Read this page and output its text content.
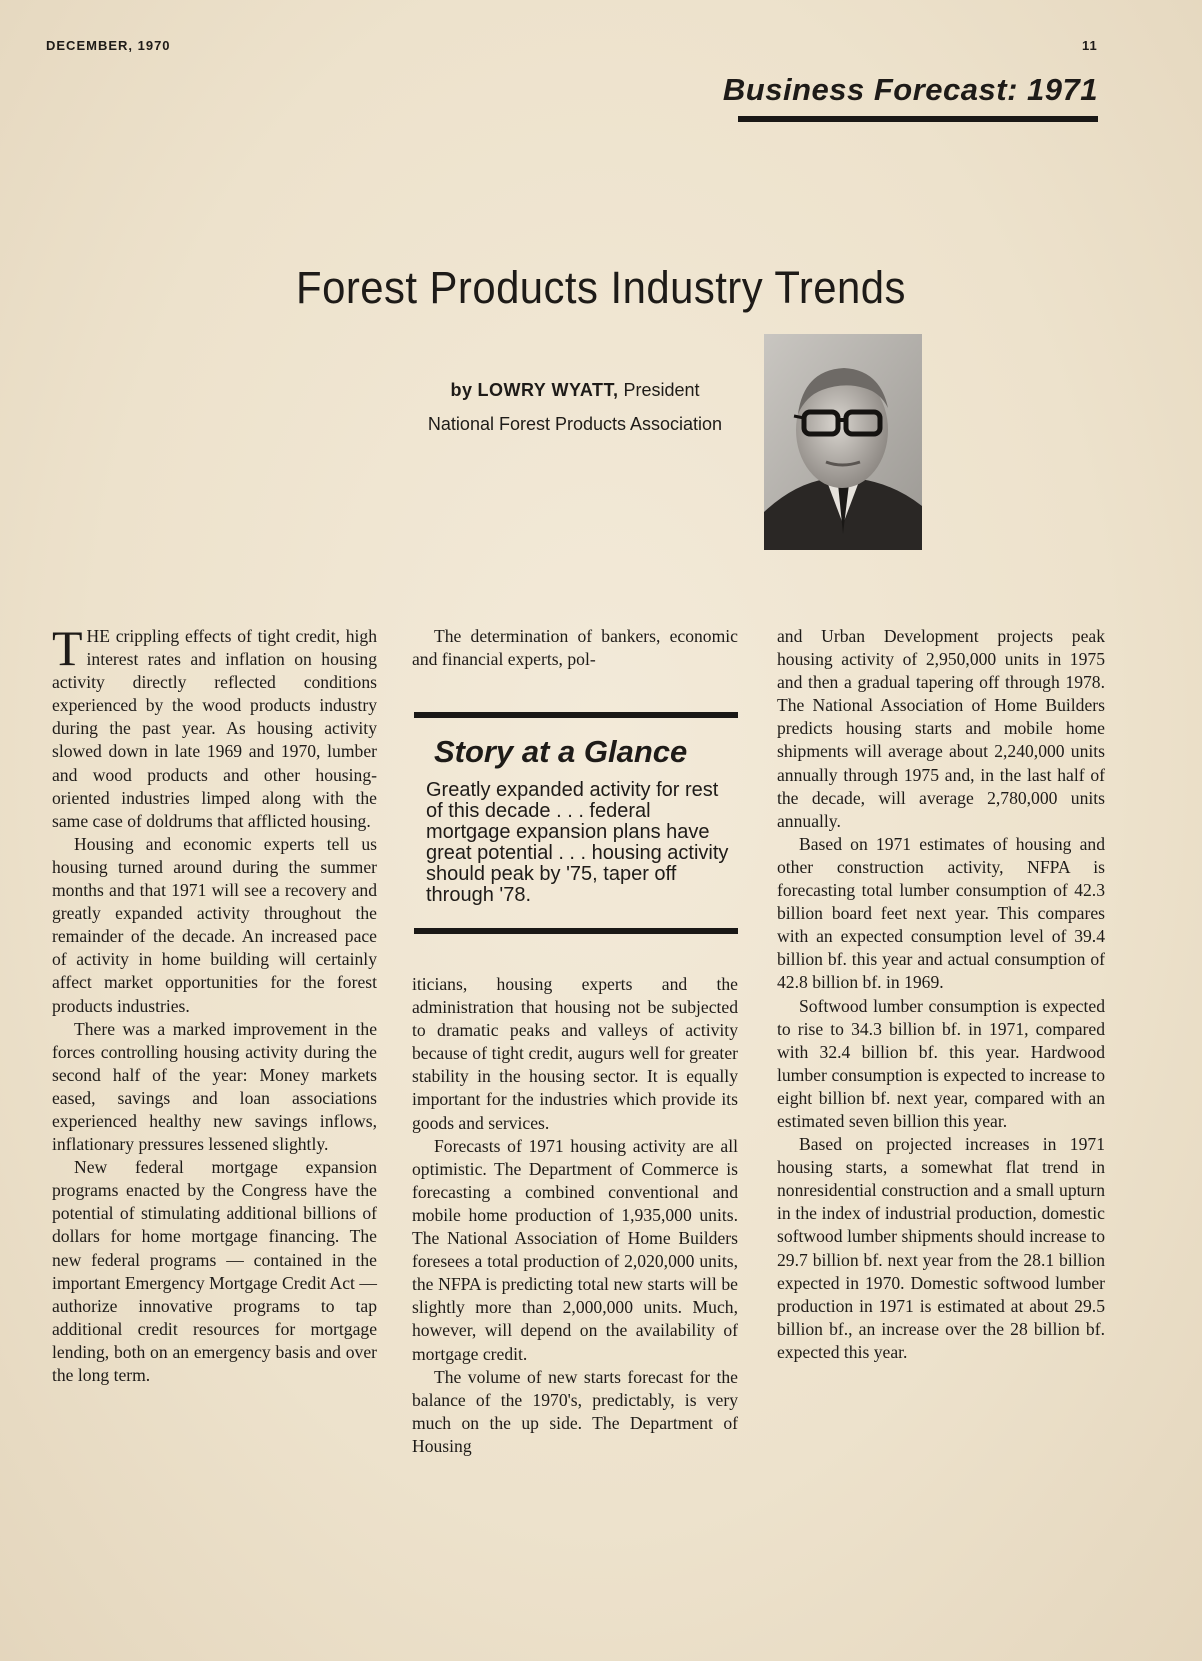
DECEMBER, 1970	11
Business Forecast: 1971
Forest Products Industry Trends
by LOWRY WYATT, President
National Forest Products Association

THE crippling effects of tight credit, high interest rates and inflation on housing activity directly reflected conditions experienced by the wood products industry during the past year. As housing activity slowed down in late 1969 and 1970, lumber and wood products and other housing-oriented industries limped along with the same case of doldrums that afflicted housing.

Housing and economic experts tell us housing turned around during the summer months and that 1971 will see a recovery and greatly expanded activity throughout the remainder of the decade. An increased pace of activity in home building will certainly affect market opportunities for the forest products industries.

There was a marked improvement in the forces controlling housing activity during the second half of the year: Money markets eased, savings and loan associations experienced healthy new savings inflows, inflationary pressures lessened slightly.

New federal mortgage expansion programs enacted by the Congress have the potential of stimulating additional billions of dollars for home mortgage financing. The new federal programs — contained in the important Emergency Mortgage Credit Act — authorize innovative programs to tap additional credit resources for mortgage lending, both on an emergency basis and over the long term.

The determination of bankers, economic and financial experts, pol-

Story at a Glance
Greatly expanded activity for rest of this decade . . . federal mortgage expansion plans have great potential . . . housing activity should peak by '75, taper off through '78.

iticians, housing experts and the administration that housing not be subjected to dramatic peaks and valleys of activity because of tight credit, augurs well for greater stability in the housing sector. It is equally important for the industries which provide its goods and services.

Forecasts of 1971 housing activity are all optimistic. The Department of Commerce is forecasting a combined conventional and mobile home production of 1,935,000 units. The National Association of Home Builders foresees a total production of 2,020,000 units, the NFPA is predicting total new starts will be slightly more than 2,000,000 units. Much, however, will depend on the availability of mortgage credit.

The volume of new starts forecast for the balance of the 1970's, predictably, is very much on the up side. The Department of Housing

and Urban Development projects peak housing activity of 2,950,000 units in 1975 and then a gradual tapering off through 1978. The National Association of Home Builders predicts housing starts and mobile home shipments will average about 2,240,000 units annually through 1975 and, in the last half of the decade, will average 2,780,000 units annually.

Based on 1971 estimates of housing and other construction activity, NFPA is forecasting total lumber consumption of 42.3 billion board feet next year. This compares with an expected consumption level of 39.4 billion bf. this year and actual consumption of 42.8 billion bf. in 1969.

Softwood lumber consumption is expected to rise to 34.3 billion bf. in 1971, compared with 32.4 billion bf. this year. Hardwood lumber consumption is expected to increase to eight billion bf. next year, compared with an estimated seven billion this year.

Based on projected increases in 1971 housing starts, a somewhat flat trend in nonresidential construction and a small upturn in the index of industrial production, domestic softwood lumber shipments should increase to 29.7 billion bf. next year from the 28.1 billion expected in 1970. Domestic softwood lumber production in 1971 is estimated at about 29.5 billion bf., an increase over the 28 billion bf. expected this year.
